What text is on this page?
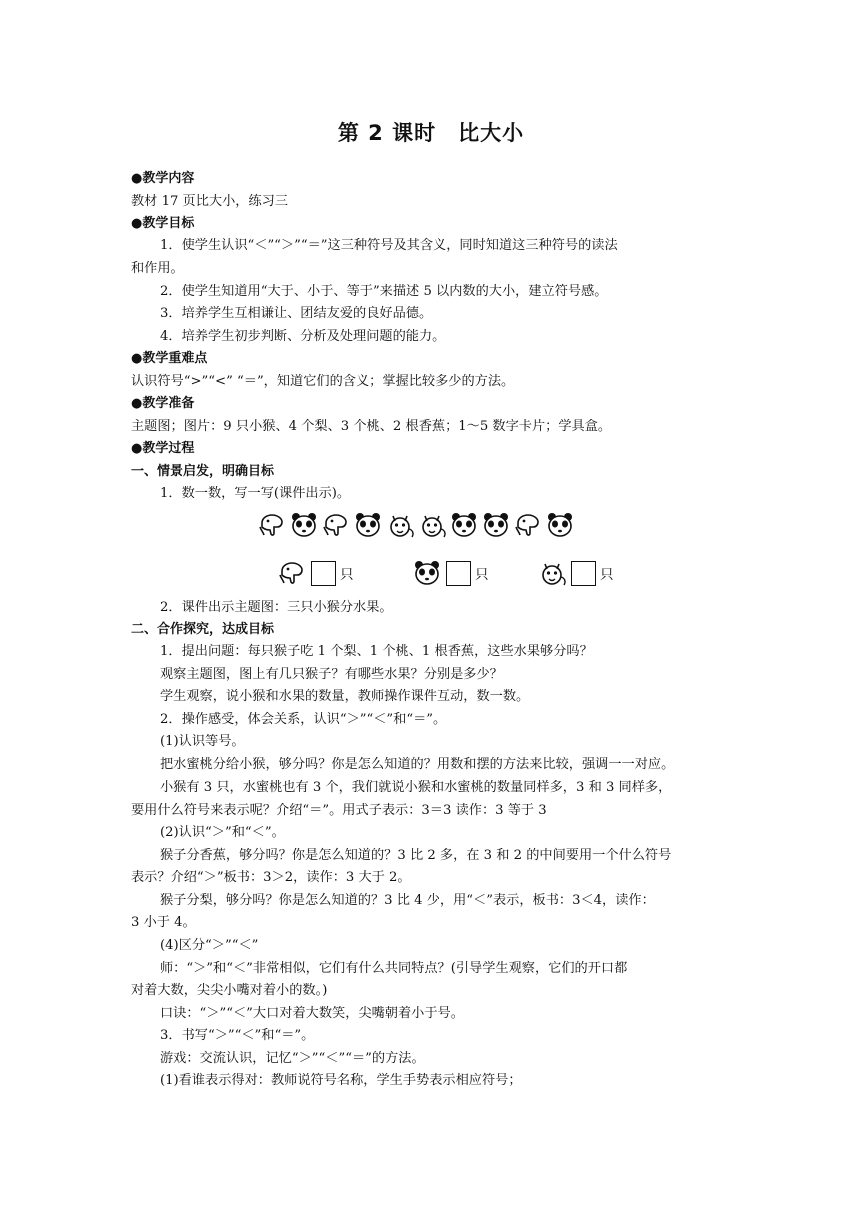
第 2 课时　比大小
●教学内容
教材 17 页比大小，练习三
●教学目标
1．使学生认识“＜”“＞”“＝”这三种符号及其含义，同时知道这三种符号的读法
和作用。
2．使学生知道用“大于、小于、等于”来描述 5 以内数的大小，建立符号感。
3．培养学生互相谦让、团结友爱的良好品德。
4．培养学生初步判断、分析及处理问题的能力。
●教学重难点
认识符号“>”“<” “＝”，知道它们的含义；掌握比较多少的方法。
●教学准备
主题图；图片：9 只小猴、4 个梨、3 个桃、2 根香蕉；1～5 数字卡片；学具盒。
●教学过程
一、情景启发，明确目标
1．数一数，写一写(课件出示)。
只	只	只
2．课件出示主题图：三只小猴分水果。
二、合作探究，达成目标
1．提出问题：每只猴子吃 1 个梨、1 个桃、1 根香蕉，这些水果够分吗？
观察主题图，图上有几只猴子？有哪些水果？分别是多少？
学生观察，说小猴和水果的数量，教师操作课件互动，数一数。
2．操作感受，体会关系，认识“＞”“＜”和“＝”。
(1)认识等号。
把水蜜桃分给小猴，够分吗？你是怎么知道的？用数和摆的方法来比较，强调一一对应。
小猴有 3 只，水蜜桃也有 3 个，我们就说小猴和水蜜桃的数量同样多，3 和 3 同样多，
要用什么符号来表示呢？介绍“＝”。用式子表示：3＝3 读作：3 等于 3
(2)认识“＞”和“＜”。
猴子分香蕉，够分吗？你是怎么知道的？3 比 2 多，在 3 和 2 的中间要用一个什么符号
表示？介绍“＞”板书：3＞2，读作：3 大于 2。
猴子分梨，够分吗？你是怎么知道的？3 比 4 少，用“＜”表示，板书：3＜4，读作：
3 小于 4。
(4)区分“＞”“＜”
师：“＞”和“＜”非常相似，它们有什么共同特点？(引导学生观察，它们的开口都
对着大数，尖尖小嘴对着小的数。)
口诀：“＞”“＜”大口对着大数笑，尖嘴朝着小于号。
3．书写“＞”“＜”和“＝”。
游戏：交流认识，记忆“＞”“＜”“＝”的方法。
(1)看谁表示得对：教师说符号名称，学生手势表示相应符号；
